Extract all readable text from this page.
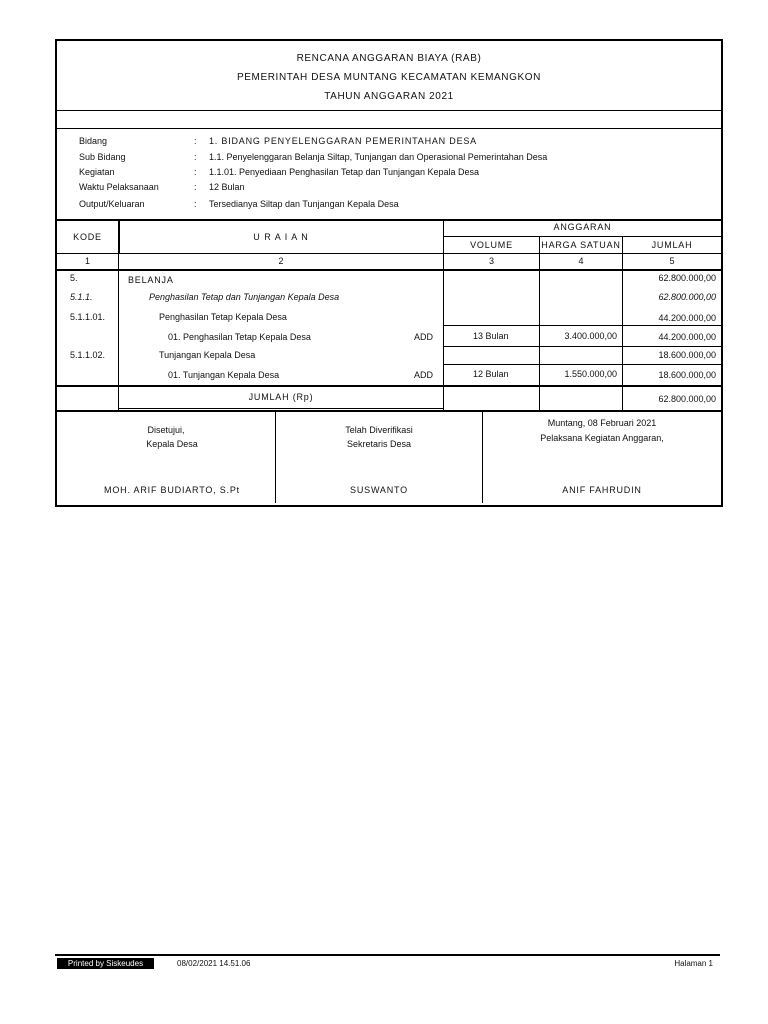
RENCANA ANGGARAN BIAYA (RAB)
PEMERINTAH DESA MUNTANG KECAMATAN KEMANGKON
TAHUN ANGGARAN 2021
Bidang	: 1. BIDANG PENYELENGGARAN PEMERINTAHAN DESA
Sub Bidang	: 1.1. Penyelenggaran Belanja Siltap, Tunjangan dan Operasional Pemerintahan Desa
Kegiatan	: 1.1.01. Penyediaan Penghasilan Tetap dan Tunjangan Kepala Desa
Waktu Pelaksanaan	: 12 Bulan
Output/Keluaran	: Tersedianya Siltap dan Tunjangan Kepala Desa
KODE	U R A I A N
ANGGARAN
VOLUME	HARGA SATUAN	JUMLAH
1	2	3	4	5
5.	BELANJA	62.800.000,00
5.1.1.	Penghasilan Tetap dan Tunjangan Kepala Desa	62.800.000,00
5.1.1.01.	Penghasilan Tetap Kepala Desa	44.200.000,00
01. Penghasilan Tetap Kepala Desa	ADD	13 Bulan	3.400.000,00	44.200.000,00
5.1.1.02.	Tunjangan Kepala Desa	18.600.000,00
01. Tunjangan Kepala Desa	ADD	12 Bulan	1.550.000,00	18.600.000,00
JUMLAH (Rp)	62.800.000,00
Disetujui,
Kepala Desa
MOH. ARIF BUDIARTO, S.Pt
Telah Diverifikasi
Sekretaris Desa
SUSWANTO
Muntang, 08 Februari 2021
Pelaksana Kegiatan Anggaran,
ANIF FAHRUDIN
Printed by Siskeudes	08/02/2021 14.51.06	Halaman 1
